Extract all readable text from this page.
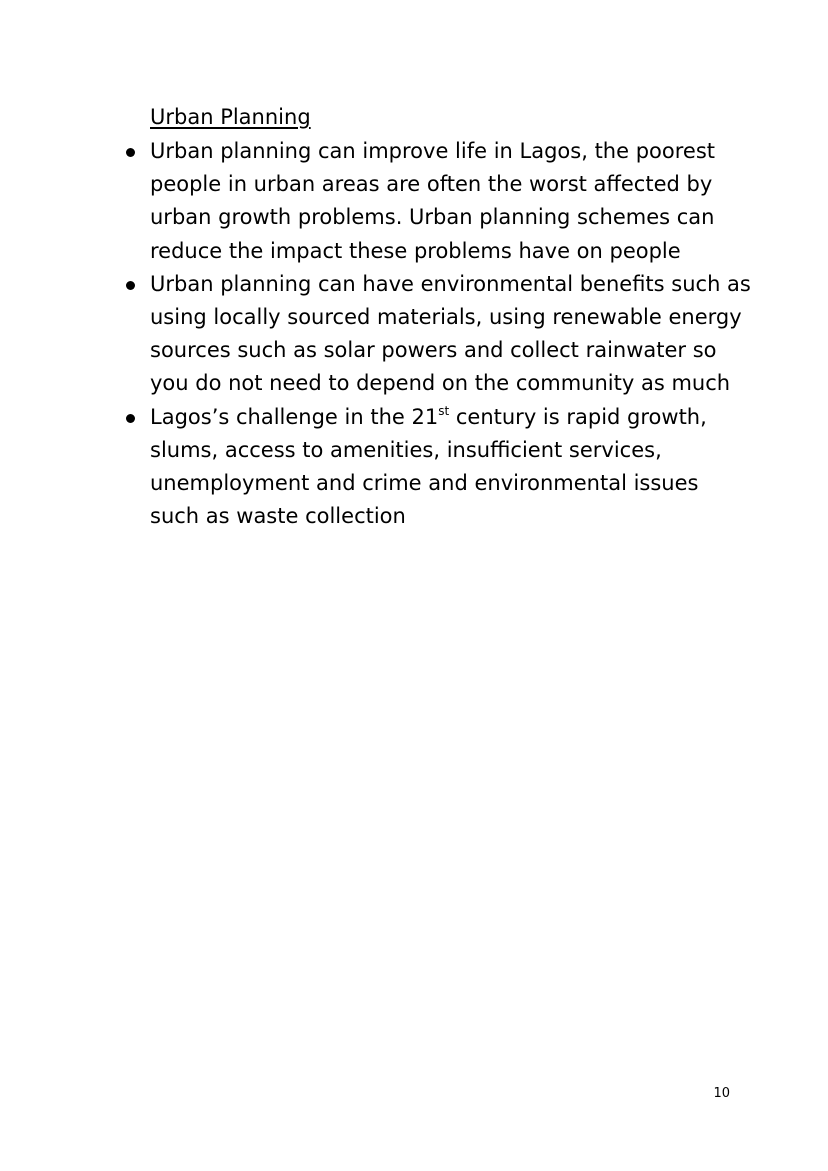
Urban Planning
Urban planning can improve life in Lagos, the poorest
people in urban areas are often the worst affected by
urban growth problems. Urban planning schemes can
reduce the impact these problems have on people
Urban planning can have environmental benefits such as
using locally sourced materials, using renewable energy
sources such as solar powers and collect rainwater so
you do not need to depend on the community as much
Lagos’s challenge in the 21st century is rapid growth,
slums, access to amenities, insufficient services,
unemployment and crime and environmental issues
such as waste collection
10
